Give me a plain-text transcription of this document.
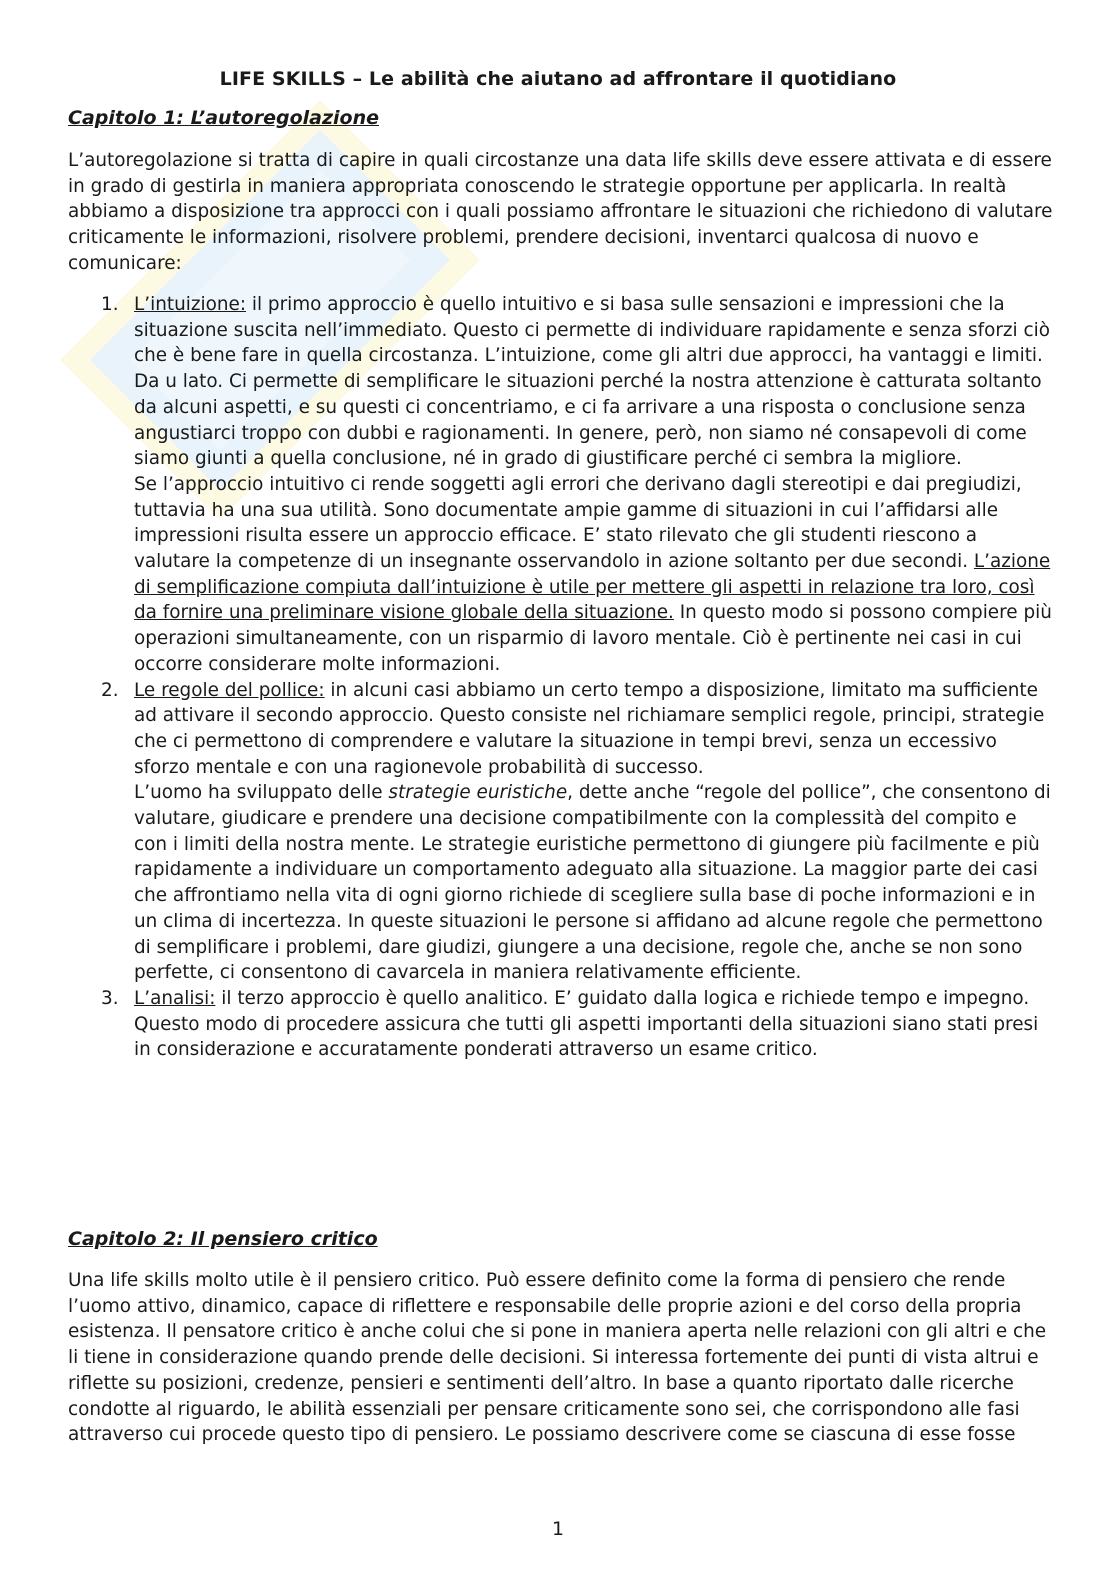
LIFE SKILLS – Le abilità che aiutano ad affrontare il quotidiano
Capitolo 1: L’autoregolazione

L’autoregolazione si tratta di capire in quali circostanze una data life skills deve essere attivata e di essere in grado di gestirla in maniera appropriata conoscendo le strategie opportune per applicarla. In realtà abbiamo a disposizione tra approcci con i quali possiamo affrontare le situazioni che richiedono di valutare criticamente le informazioni, risolvere problemi, prendere decisioni, inventarci qualcosa di nuovo e comunicare:

1. L’intuizione: il primo approccio è quello intuitivo e si basa sulle sensazioni e impressioni che la situazione suscita nell’immediato. Questo ci permette di individuare rapidamente e senza sforzi ciò che è bene fare in quella circostanza. L’intuizione, come gli altri due approcci, ha vantaggi e limiti. Da u lato. Ci permette di semplificare le situazioni perché la nostra attenzione è catturata soltanto da alcuni aspetti, e su questi ci concentriamo, e ci fa arrivare a una risposta o conclusione senza angustiarci troppo con dubbi e ragionamenti. In genere, però, non siamo né consapevoli di come siamo giunti a quella conclusione, né in grado di giustificare perché ci sembra la migliore.

Se l’approccio intuitivo ci rende soggetti agli errori che derivano dagli stereotipi e dai pregiudizi, tuttavia ha una sua utilità. Sono documentate ampie gamme di situazioni in cui l’affidarsi alle impressioni risulta essere un approccio efficace. E’ stato rilevato che gli studenti riescono a valutare la competenze di un insegnante osservandolo in azione soltanto per due secondi. L’azione di semplificazione compiuta dall’intuizione è utile per mettere gli aspetti in relazione tra loro, così da fornire una preliminare visione globale della situazione. In questo modo si possono compiere più operazioni simultaneamente, con un risparmio di lavoro mentale. Ciò è pertinente nei casi in cui occorre considerare molte informazioni.

2. Le regole del pollice: in alcuni casi abbiamo un certo tempo a disposizione, limitato ma sufficiente ad attivare il secondo approccio. Questo consiste nel richiamare semplici regole, principi, strategie che ci permettono di comprendere e valutare la situazione in tempi brevi, senza un eccessivo sforzo mentale e con una ragionevole probabilità di successo.

L’uomo ha sviluppato delle strategie euristiche, dette anche “regole del pollice”, che consentono di valutare, giudicare e prendere una decisione compatibilmente con la complessità del compito e con i limiti della nostra mente. Le strategie euristiche permettono di giungere più facilmente e più rapidamente a individuare un comportamento adeguato alla situazione. La maggior parte dei casi che affrontiamo nella vita di ogni giorno richiede di scegliere sulla base di poche informazioni e in un clima di incertezza. In queste situazioni le persone si affidano ad alcune regole che permettono di semplificare i problemi, dare giudizi, giungere a una decisione, regole che, anche se non sono perfette, ci consentono di cavarcela in maniera relativamente efficiente.

3. L’analisi: il terzo approccio è quello analitico. E’ guidato dalla logica e richiede tempo e impegno. Questo modo di procedere assicura che tutti gli aspetti importanti della situazioni siano stati presi in considerazione e accuratamente ponderati attraverso un esame critico.

Capitolo 2: Il pensiero critico

Una life skills molto utile è il pensiero critico. Può essere definito come la forma di pensiero che rende l’uomo attivo, dinamico, capace di riflettere e responsabile delle proprie azioni e del corso della propria esistenza. Il pensatore critico è anche colui che si pone in maniera aperta nelle relazioni con gli altri e che li tiene in considerazione quando prende delle decisioni. Si interessa fortemente dei punti di vista altrui e riflette su posizioni, credenze, pensieri e sentimenti dell’altro. In base a quanto riportato dalle ricerche condotte al riguardo, le abilità essenziali per pensare criticamente sono sei, che corrispondono alle fasi attraverso cui procede questo tipo di pensiero. Le possiamo descrivere come se ciascuna di esse fosse

1
